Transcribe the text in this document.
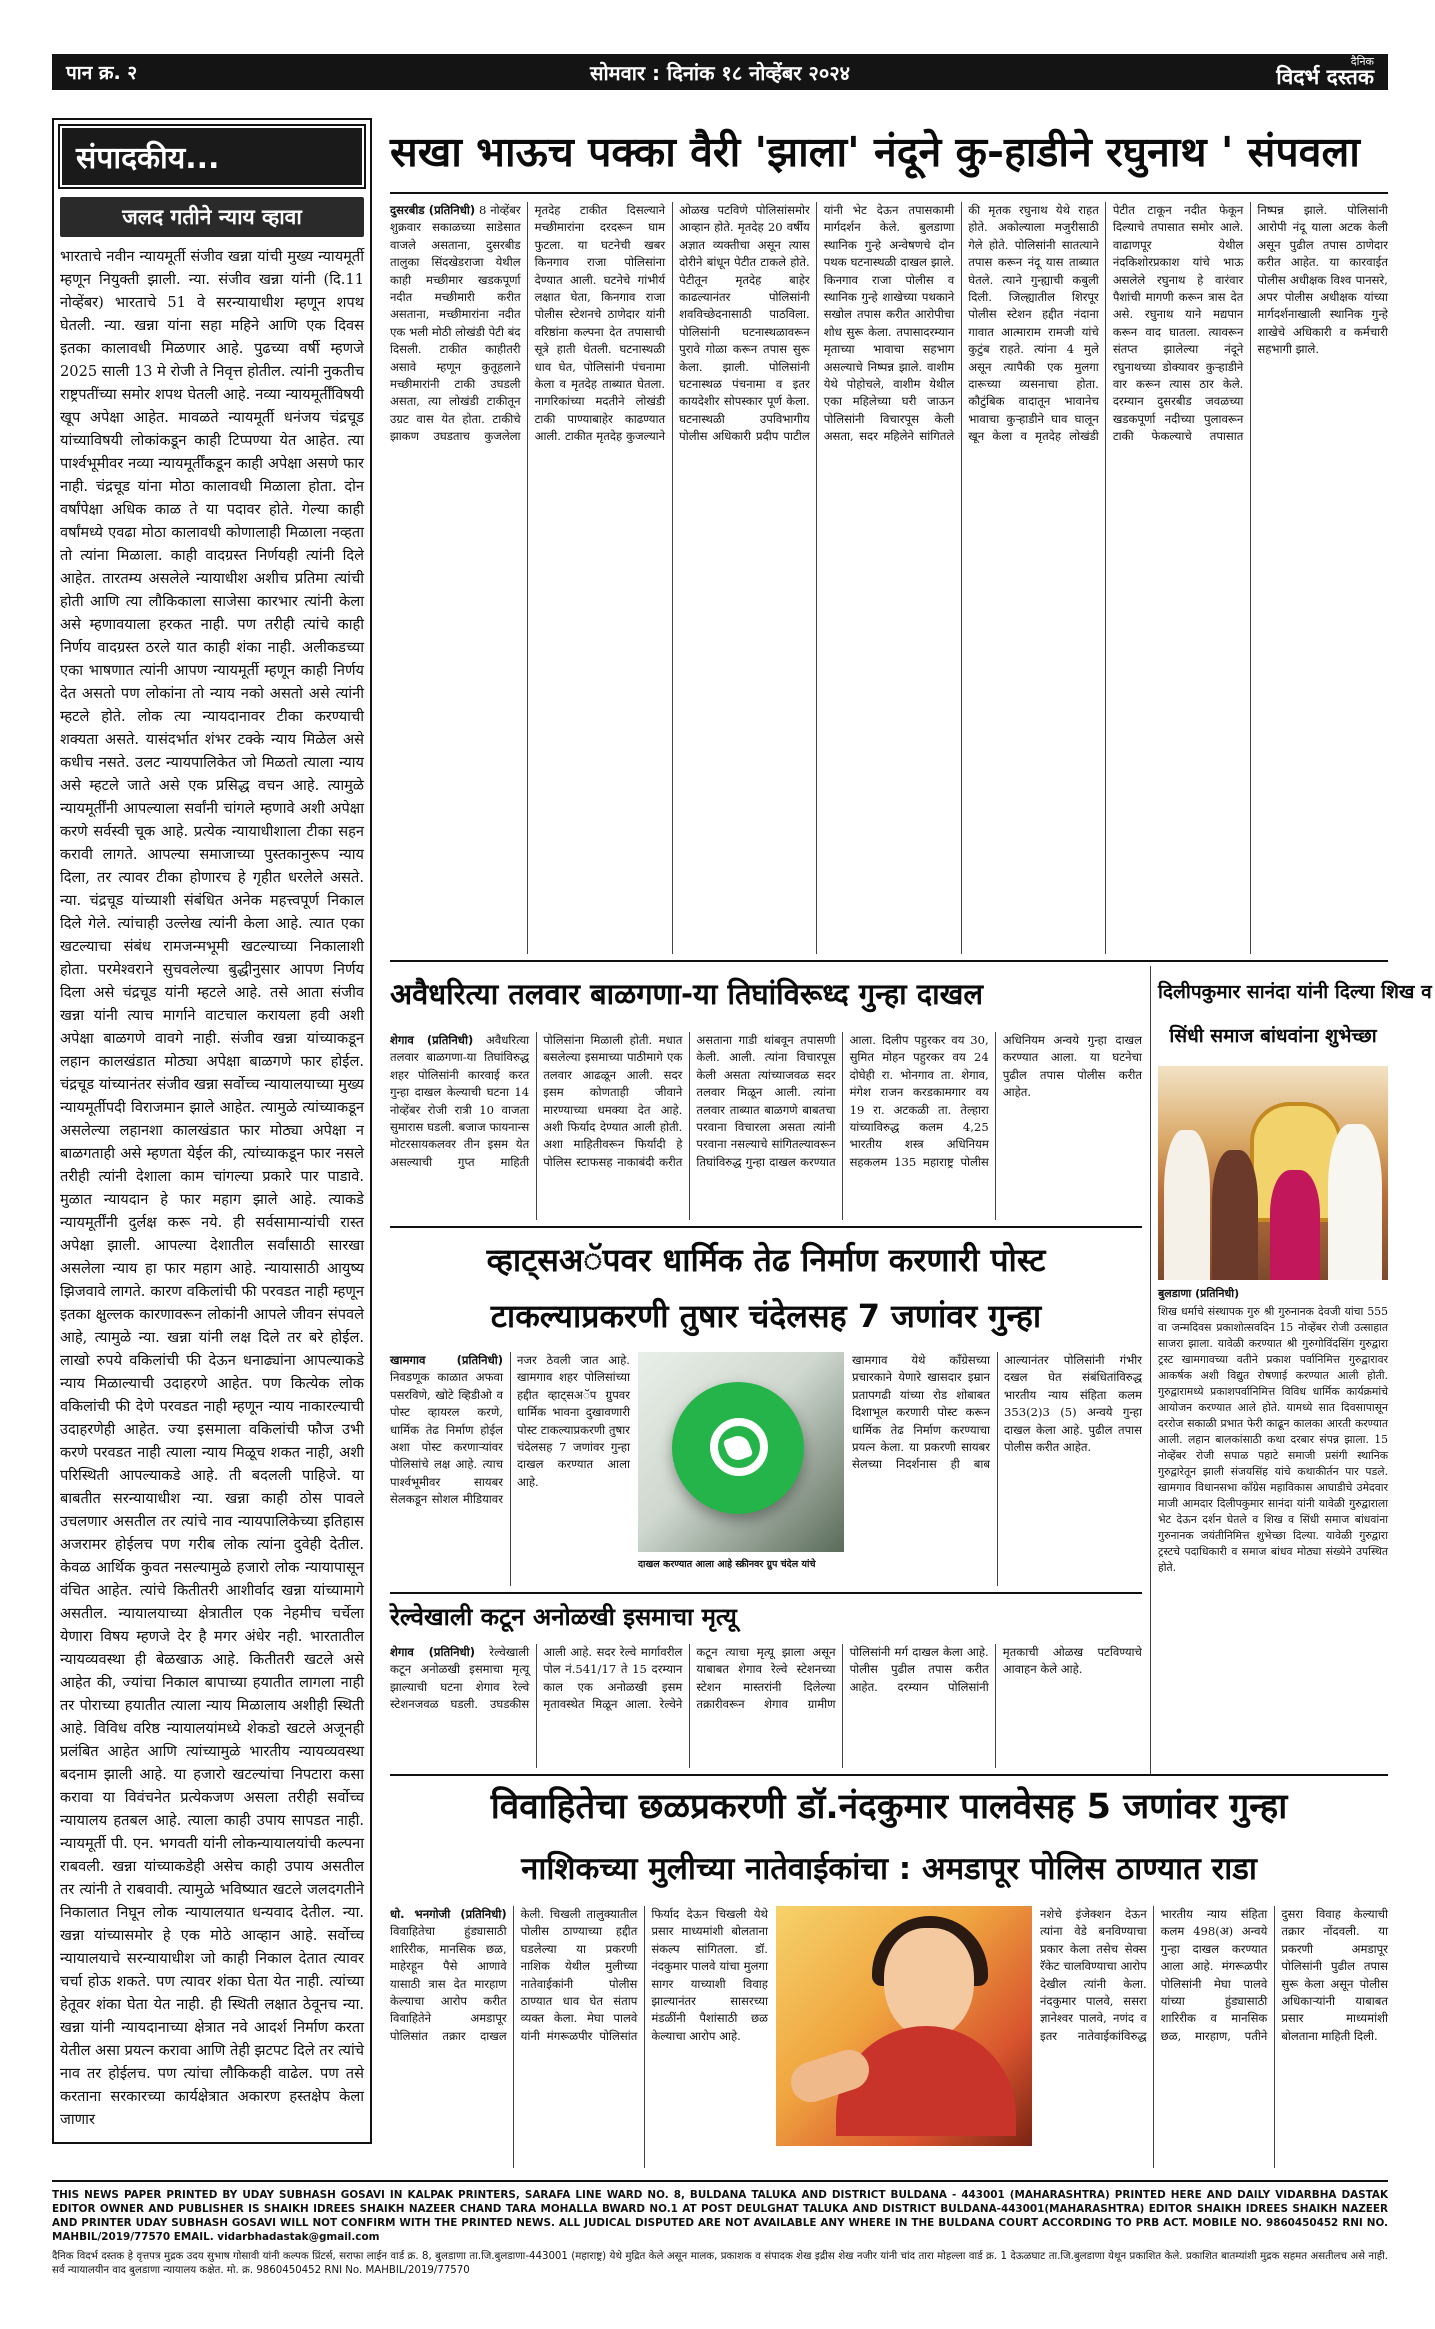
पान क्र. २	सोमवार : दिनांक १८ नोव्हेंबर २०२४	दैनिक
विदर्भ दस्तक
संपादकीय...
जलद गतीने न्याय व्हावा
भारताचे नवीन न्यायमूर्ती संजीव खन्ना यांची मुख्य न्यायमूर्ती म्हणून नियुक्ती झाली. न्या. संजीव खन्ना यांनी (दि.11 नोव्हेंबर) भारताचे 51 वे सरन्यायाधीश म्हणून शपथ घेतली. न्या. खन्ना यांना सहा महिने आणि एक दिवस इतका कालावधी मिळणार आहे. पुढच्या वर्षी म्हणजे 2025 साली 13 मे रोजी ते निवृत्त होतील. त्यांनी नुकतीच राष्ट्रपतींच्या समोर शपथ घेतली आहे. नव्या न्यायमूर्तींविषयी खूप अपेक्षा आहेत. मावळते न्यायमूर्ती धनंजय चंद्रचूड यांच्याविषयी लोकांकडून काही टिप्पण्या येत आहेत. त्या पार्श्वभूमीवर नव्या न्यायमूर्तींकडून काही अपेक्षा असणे फार नाही. चंद्रचूड यांना मोठा कालावधी मिळाला होता. दोन वर्षांपेक्षा अधिक काळ ते या पदावर होते. गेल्या काही वर्षांमध्ये एवढा मोठा कालावधी कोणालाही मिळाला नव्हता तो त्यांना मिळाला. काही वादग्रस्त निर्णयही त्यांनी दिले आहेत. तारतम्य असलेले न्यायाधीश अशीच प्रतिमा त्यांची होती आणि त्या लौकिकाला साजेसा कारभार त्यांनी केला असे म्हणावयाला हरकत नाही. पण तरीही त्यांचे काही निर्णय वादग्रस्त ठरले यात काही शंका नाही. अलीकडच्या एका भाषणात त्यांनी आपण न्यायमूर्ती म्हणून काही निर्णय देत असतो पण लोकांना तो न्याय नको असतो असे त्यांनी म्हटले होते. लोक त्या न्यायदानावर टीका करण्याची शक्यता असते. यासंदर्भात शंभर टक्के न्याय मिळेल असे कधीच नसते. उलट न्यायपालिकेत जो मिळतो त्याला न्याय असे म्हटले जाते असे एक प्रसिद्ध वचन आहे. त्यामुळे न्यायमूर्तींनी आपल्याला सर्वांनी चांगले म्हणावे अशी अपेक्षा करणे सर्वस्वी चूक आहे. प्रत्येक न्यायाधीशाला टीका सहन करावी लागते. आपल्या समाजाच्या पुस्तकानुरूप न्याय दिला, तर त्यावर टीका होणारच हे गृहीत धरलेले असते. न्या. चंद्रचूड यांच्याशी संबंधित अनेक महत्त्वपूर्ण निकाल दिले गेले. त्यांचाही उल्लेख त्यांनी केला आहे. त्यात एका खटल्याचा संबंध रामजन्मभूमी खटल्याच्या निकालाशी होता. परमेश्वराने सुचवलेल्या बुद्धीनुसार आपण निर्णय दिला असे चंद्रचूड यांनी म्हटले आहे. तसे आता संजीव खन्ना यांनी त्याच मार्गाने वाटचाल करायला हवी अशी अपेक्षा बाळगणे वावगे नाही. संजीव खन्ना यांच्याकडून लहान कालखंडात मोठ्या अपेक्षा बाळगणे फार होईल. चंद्रचूड यांच्यानंतर संजीव खन्ना सर्वोच्च न्यायालयाच्या मुख्य न्यायमूर्तीपदी विराजमान झाले आहेत. त्यामुळे त्यांच्याकडून असलेल्या लहानशा कालखंडात फार मोठ्या अपेक्षा न बाळगताही असे म्हणता येईल की, त्यांच्याकडून फार नसले तरीही त्यांनी देशाला काम चांगल्या प्रकारे पार पाडावे. मुळात न्यायदान हे फार महाग झाले आहे. त्याकडे न्यायमूर्तींनी दुर्लक्ष करू नये. ही सर्वसामान्यांची रास्त अपेक्षा झाली. आपल्या देशातील सर्वांसाठी सारखा असलेला न्याय हा फार महाग आहे. न्यायासाठी आयुष्य झिजवावे लागते. कारण वकिलांची फी परवडत नाही म्हणून इतका क्षुल्लक कारणावरून लोकांनी आपले जीवन संपवले आहे, त्यामुळे न्या. खन्ना यांनी लक्ष दिले तर बरे होईल. लाखो रुपये वकिलांची फी देऊन धनाढ्यांना आपल्याकडे न्याय मिळाल्याची उदाहरणे आहेत. पण कित्येक लोक वकिलांची फी देणे परवडत नाही म्हणून न्याय नाकारल्याची उदाहरणेही आहेत. ज्या इसमाला वकिलांची फौज उभी करणे परवडत नाही त्याला न्याय मिळूच शकत नाही, अशी परिस्थिती आपल्याकडे आहे. ती बदलली पाहिजे. या बाबतीत सरन्यायाधीश न्या. खन्ना काही ठोस पावले उचलणार असतील तर त्यांचे नाव न्यायपालिकेच्या इतिहास अजरामर होईलच पण गरीब लोक त्यांना दुवेही देतील. केवळ आर्थिक कुवत नसल्यामुळे हजारो लोक न्यायापासून वंचित आहेत. त्यांचे कितीतरी आशीर्वाद खन्ना यांच्यामागे असतील. न्यायालयाच्या क्षेत्रातील एक नेहमीच चर्चेला येणारा विषय म्हणजे देर है मगर अंधेर नही. भारतातील न्यायव्यवस्था ही बेळखाऊ आहे. कितीतरी खटले असे आहेत की, ज्यांचा निकाल बापाच्या हयातीत लागला नाही तर पोराच्या हयातीत त्याला न्याय मिळालाय अशीही स्थिती आहे. विविध वरिष्ठ न्यायालयांमध्ये शेकडो खटले अजूनही प्रलंबित आहेत आणि त्यांच्यामुळे भारतीय न्यायव्यवस्था बदनाम झाली आहे. या हजारो खटल्यांचा निपटारा कसा करावा या विवंचनेत प्रत्येकजण असला तरीही सर्वोच्च न्यायालय हतबल आहे. त्याला काही उपाय सापडत नाही. न्यायमूर्ती पी. एन. भगवती यांनी लोकन्यायालयांची कल्पना राबवली. खन्ना यांच्याकडेही असेच काही उपाय असतील तर त्यांनी ते राबवावी. त्यामुळे भविष्यात खटले जलदगतीने निकालात निघून लोक न्यायालयात धन्यवाद देतील. न्या. खन्ना यांच्यासमोर हे एक मोठे आव्हान आहे. सर्वोच्च न्यायालयाचे सरन्यायाधीश जो काही निकाल देतात त्यावर चर्चा होऊ शकते. पण त्यावर शंका घेता येत नाही. त्यांच्या हेतूवर शंका घेता येत नाही. ही स्थिती लक्षात ठेवूनच न्या. खन्ना यांनी न्यायदानाच्या क्षेत्रात नवे आदर्श निर्माण करता येतील असा प्रयत्न करावा आणि तेही झटपट दिले तर त्यांचे नाव तर होईलच. पण त्यांचा लौकिकही वाढेल. पण तसे करताना सरकारच्या कार्यक्षेत्रात अकारण हस्तक्षेप केला जाणार
सखा भाऊच पक्का वैरी 'झाला' नंदूने कु-हाडीने रघुनाथ ' संपवला
दुसरबीड (प्रतिनिधी) 8 नोव्हेंबर शुक्रवार सकाळच्या साडेसात वाजले असताना, दुसरबीड तालुका सिंदखेडराजा येथील काही मच्छीमार खडकपूर्णा नदीत मच्छीमारी करीत असताना, मच्छीमारांना नदीत एक भली मोठी लोखंडी पेटी बंद दिसली. टाकीत काहीतरी असावे म्हणून कुतूहलाने मच्छीमारांनी टाकी उघडली असता, त्या लोखंडी टाकीतून उग्रट वास येत होता. टाकीचे झाकण उघडताच कुजलेला मृतदेह टाकीत दिसल्याने मच्छीमारांना दरदरून घाम फुटला. या घटनेची खबर किनगाव राजा पोलिसांना देण्यात आली. घटनेचे गांभीर्य लक्षात घेता, किनगाव राजा पोलीस स्टेशनचे ठाणेदार यांनी वरिष्ठांना कल्पना देत तपासाची सूत्रे हाती घेतली. घटनास्थळी धाव घेत, पोलिसांनी पंचनामा केला व मृतदेह ताब्यात घेतला. नागरिकांच्या मदतीने लोखंडी टाकी पाण्याबाहेर काढण्यात आली. टाकीत मृतदेह कुजल्याने ओळख पटविणे पोलिसांसमोर आव्हान होते. मृतदेह 20 वर्षीय अज्ञात व्यक्तीचा असून त्यास दोरीने बांधून पेटीत टाकले होते. पेटीतून मृतदेह बाहेर काढल्यानंतर पोलिसांनी शवविच्छेदनासाठी पाठविला. पोलिसांनी घटनास्थळावरून पुरावे गोळा करून तपास सुरू केला. झाली. पोलिसांनी घटनास्थळ पंचनामा व इतर कायदेशीर सोपस्कार पूर्ण केला. घटनास्थळी उपविभागीय पोलीस अधिकारी प्रदीप पाटील यांनी भेट देऊन तपासकामी मार्गदर्शन केले. बुलडाणा स्थानिक गुन्हे अन्वेषणचे दोन पथक घटनास्थळी दाखल झाले. किनगाव राजा पोलीस व स्थानिक गुन्हे शाखेच्या पथकाने सखोल तपास करीत आरोपीचा शोध सुरू केला. तपासादरम्यान मृताच्या भावाचा सहभाग असल्याचे निष्पन्न झाले. वाशीम येथे पोहोचले, वाशीम येथील एका महिलेच्या घरी जाऊन पोलिसांनी विचारपूस केली असता, सदर महिलेने सांगितले की मृतक रघुनाथ येथे राहत होते. अकोल्याला मजुरीसाठी गेले होते. पोलिसांनी सातत्याने तपास करून नंदू यास ताब्यात घेतले. त्याने गुन्ह्याची कबुली दिली. जिल्ह्यातील शिरपूर पोलीस स्टेशन हद्दीत नंदाना गावात आत्माराम रामजी यांचे कुटुंब राहते. त्यांना 4 मुले असून त्यापैकी एक मुलगा दारूच्या व्यसनाचा होता. कौटुंबिक वादातून भावानेच भावाचा कुऱ्हाडीने घाव घालून खून केला व मृतदेह लोखंडी पेटीत टाकून नदीत फेकून दिल्याचे तपासात समोर आले. वाढाणपूर येथील नंदकिशोरप्रकाश यांचे भाऊ असलेले रघुनाथ हे वारंवार पैशांची मागणी करून त्रास देत असे. रघुनाथ याने मद्यपान करून वाद घातला. त्यावरून संतप्त झालेल्या नंदूने रघुनाथच्या डोक्यावर कुऱ्हाडीने वार करून त्यास ठार केले. दरम्यान दुसरबीड जवळच्या खडकपूर्णा नदीच्या पुलावरून टाकी फेकल्याचे तपासात निष्पन्न झाले. पोलिसांनी आरोपी नंदू याला अटक केली असून पुढील तपास ठाणेदार करीत आहेत. या कारवाईत पोलीस अधीक्षक विश्व पानसरे, अपर पोलीस अधीक्षक यांच्या मार्गदर्शनाखाली स्थानिक गुन्हे शाखेचे अधिकारी व कर्मचारी सहभागी झाले.
अवैधरित्या तलवार बाळगणा-या तिघांविरूध्द गुन्हा दाखल
शेगाव (प्रतिनिधी) अवैधरित्या तलवार बाळगणा-या तिघांविरुद्ध शहर पोलिसांनी कारवाई करत गुन्हा दाखल केल्याची घटना 14 नोव्हेंबर रोजी रात्री 10 वाजता सुमारास घडली. बजाज फायनान्स मोटरसायकलवर तीन इसम येत असल्याची गुप्त माहिती पोलिसांना मिळाली होती. मधात बसलेल्या इसमाच्या पाठीमागे एक तलवार आढळून आली. सदर इसम कोणताही जीवाने मारण्याच्या धमक्या देत आहे. अशी फिर्याद देण्यात आली होती. अशा माहितीवरून फिर्यादी हे पोलिस स्टाफसह नाकाबंदी करीत असताना गाडी थांबवून तपासणी केली. आली. त्यांना विचारपूस केली असता त्यांच्याजवळ सदर तलवार मिळून आली. त्यांना तलवार ताब्यात बाळगणे बाबतचा परवाना विचारला असता त्यांनी परवाना नसल्याचे सांगितल्यावरून तिघांविरुद्ध गुन्हा दाखल करण्यात आला. दिलीप पहुरकर वय 30, सुमित मोहन पहुरकर वय 24 दोघेही रा. भोनगाव ता. शेगाव, मंगेश राजन करडकामगार वय 19 रा. अटकळी ता. तेल्हारा यांच्याविरुद्ध कलम 4,25 भारतीय शस्त्र अधिनियम सहकलम 135 महाराष्ट्र पोलीस अधिनियम अन्वये गुन्हा दाखल करण्यात आला. या घटनेचा पुढील तपास पोलीस करीत आहेत.
व्हाट्सअॅपवर धार्मिक तेढ निर्माण करणारी पोस्ट
टाकल्याप्रकरणी तुषार चंदेलसह 7 जणांवर गुन्हा
खामगाव (प्रतिनिधी) निवडणूक काळात अफवा पसरविणे, खोटे व्हिडीओ व पोस्ट व्हायरल करणे, धार्मिक तेढ निर्माण होईल अशा पोस्ट करणाऱ्यांवर पोलिसांचे लक्ष आहे. त्याच पार्श्वभूमीवर सायबर सेलकडून सोशल मीडियावर नजर ठेवली जात आहे. खामगाव शहर पोलिसांच्या हद्दीत व्हाट्सअॅप ग्रुपवर धार्मिक भावना दुखावणारी पोस्ट टाकल्याप्रकरणी तुषार चंदेलसह 7 जणांवर गुन्हा दाखल करण्यात आला आहे.
दाखल करण्यात आला आहे स्क्रीनवर ग्रुप चंदेल यांचे
खामगाव येथे काँग्रेसच्या प्रचारकाने येणारे खासदार इम्रान प्रतापगढी यांच्या रोड शोबाबत दिशाभूल करणारी पोस्ट करून धार्मिक तेढ निर्माण करण्याचा प्रयत्न केला. या प्रकरणी सायबर सेलच्या निदर्शनास ही बाब आल्यानंतर पोलिसांनी गंभीर दखल घेत संबंधितांविरुद्ध भारतीय न्याय संहिता कलम 353(2)3 (5) अन्वये गुन्हा दाखल केला आहे. पुढील तपास पोलीस करीत आहेत.
रेल्वेखाली कटून अनोळखी इसमाचा मृत्यू
शेगाव (प्रतिनिधी) रेल्वेखाली कटून अनोळखी इसमाचा मृत्यू झाल्याची घटना शेगाव रेल्वे स्टेशनजवळ घडली. उघडकीस आली आहे. सदर रेल्वे मार्गावरील पोल नं.541/17 ते 15 दरम्यान काल एक अनोळखी इसम मृतावस्थेत मिळून आला. रेल्वेने कटून त्याचा मृत्यू झाला असून याबाबत शेगाव रेल्वे स्टेशनच्या स्टेशन मास्तरांनी दिलेल्या तक्रारीवरून शेगाव ग्रामीण पोलिसांनी मर्ग दाखल केला आहे. पोलीस पुढील तपास करीत आहेत. दरम्यान पोलिसांनी मृतकाची ओळख पटविण्याचे आवाहन केले आहे.
दिलीपकुमार सानंदा यांनी दिल्या शिख व
सिंधी समाज बांधवांना शुभेच्छा
बुलडाणा (प्रतिनिधी)
शिख धर्माचे संस्थापक गुरु श्री गुरुनानक देवजी यांचा 555 वा जन्मदिवस प्रकाशोत्सवदिन 15 नोव्हेंबर रोजी उत्साहात साजरा झाला. यावेळी करण्यात श्री गुरुगोविंदसिंग गुरुद्वारा ट्रस्ट खामगावच्या वतीने प्रकाश पर्वानिमित्त गुरुद्वारावर आकर्षक अशी विद्युत रोषणाई करण्यात आली होती. गुरुद्वारामध्ये प्रकाशपर्वानिमित्त विविध धार्मिक कार्यक्रमांचे आयोजन करण्यात आले होते. यामध्ये सात दिवसापासून दररोज सकाळी प्रभात फेरी काढून कालका आरती करण्यात आली. लहान बालकांसाठी कथा दरबार संपन्न झाला. 15 नोव्हेंबर रोजी सपाळ पहाटे समाजी प्रसंगी स्थानिक गुरुद्वारेतून झाली संजयसिंह यांचे कथाकीर्तन पार पडले. खामगाव विधानसभा काँग्रेस महाविकास आघाडीचे उमेदवार माजी आमदार दिलीपकुमार सानंदा यांनी यावेळी गुरुद्वाराला भेट देऊन दर्शन घेतले व शिख व सिंधी समाज बांधवांना गुरुनानक जयंतीनिमित्त शुभेच्छा दिल्या. यावेळी गुरुद्वारा ट्रस्टचे पदाधिकारी व समाज बांधव मोठ्या संख्येने उपस्थित होते.
विवाहितेचा छळप्रकरणी डॉ.नंदकुमार पालवेसह 5 जणांवर गुन्हा
नाशिकच्या मुलीच्या नातेवाईकांचा : अमडापूर पोलिस ठाण्यात राडा
धो. भनगोजी (प्रतिनिधी) विवाहितेचा हुंड्यासाठी शारिरीक, मानसिक छळ, माहेरहून पैसे आणावे यासाठी त्रास देत मारहाण केल्याचा आरोप करीत विवाहितेने अमडापूर पोलिसांत तक्रार दाखल केली. चिखली तालुक्यातील पोलीस ठाण्याच्या हद्दीत घडलेल्या या प्रकरणी नाशिक येथील मुलीच्या नातेवाईकांनी पोलीस ठाण्यात धाव घेत संताप व्यक्त केला. मेघा पालवे यांनी मंगरूळपीर पोलिसांत फिर्याद देऊन चिखली येथे प्रसार माध्यमांशी बोलताना संकल्प सांगितला. डॉ. नंदकुमार पालवे यांचा मुलगा सागर याच्याशी विवाह झाल्यानंतर सासरच्या मंडळींनी पैशांसाठी छळ केल्याचा आरोप आहे.
नशेचे इंजेक्शन देऊन त्यांना वेडे बनविण्याचा प्रकार केला तसेच सेक्स रॅकेट चालविण्याचा आरोप देखील त्यांनी केला. नंदकुमार पालवे, ससरा ज्ञानेश्वर पालवे, नणंद व इतर नातेवाईकांविरुद्ध भारतीय न्याय संहिता कलम 498(अ) अन्वये गुन्हा दाखल करण्यात आला आहे. मंगरूळपीर पोलिसांनी मेघा पालवे यांच्या हुंड्यासाठी शारिरीक व मानसिक छळ, मारहाण, पतीने दुसरा विवाह केल्याची तक्रार नोंदवली. या प्रकरणी अमडापूर पोलिसांनी पुढील तपास सुरू केला असून पोलीस अधिकाऱ्यांनी याबाबत प्रसार माध्यमांशी बोलताना माहिती दिली.

THIS NEWS PAPER PRINTED BY UDAY SUBHASH GOSAVI IN KALPAK PRINTERS, SARAFA LINE WARD NO. 8, BULDANA TALUKA AND DISTRICT BULDANA - 443001 (MAHARASHTRA) PRINTED HERE AND DAILY VIDARBHA DASTAK EDITOR OWNER AND PUBLISHER IS SHAIKH IDREES SHAIKH NAZEER CHAND TARA MOHALLA BWARD NO.1 AT POST DEULGHAT TALUKA AND DISTRICT BULDANA-443001(MAHARASHTRA) EDITOR SHAIKH IDREES SHAIKH NAZEER AND PRINTER UDAY SUBHASH GOSAVI WILL NOT CONFIRM WITH THE PRINTED NEWS. ALL JUDICAL DISPUTED ARE NOT AVAILABLE ANY WHERE IN THE BULDANA COURT ACCORDING TO PRB ACT. MOBILE NO. 9860450452 RNI NO. MAHBIL/2019/77570 EMAIL. vidarbhadastak@gmail.com

दैनिक विदर्भ दस्तक हे वृत्तपत्र मुद्रक उदय सुभाष गोसावी यांनी कल्पक प्रिंटर्स, सराफा लाईन वार्ड क्र. 8, बुलडाणा ता.जि.बुलडाणा-443001 (महाराष्ट्र) येथे मुद्रित केले असून मालक, प्रकाशक व संपादक शेख इद्रीस शेख नजीर यांनी चांद तारा मोहल्ला वार्ड क्र. 1 देऊळघाट ता.जि.बुलडाणा येथून प्रकाशित केले. प्रकाशित बातम्यांशी मुद्रक सहमत असतीलच असे नाही. सर्व न्यायालयीन वाद बुलडाणा न्यायालय कक्षेत. मो. क्र. 9860450452 RNI No. MAHBIL/2019/77570
